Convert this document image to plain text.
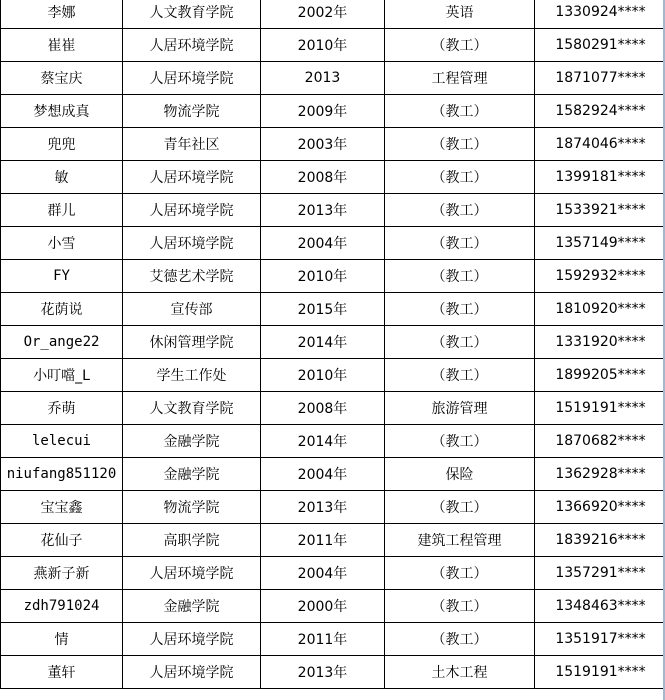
李娜	人文教育学院	2002年	英语	1330924****
崔崔	人居环境学院	2010年	（教工）	1580291****
蔡宝庆	人居环境学院	2013	工程管理	1871077****
梦想成真	物流学院	2009年	（教工）	1582924****
兜兜	青年社区	2003年	（教工）	1874046****
敏	人居环境学院	2008年	（教工）	1399181****
群儿	人居环境学院	2013年	（教工）	1533921****
小雪	人居环境学院	2004年	（教工）	1357149****
FY	艾德艺术学院	2010年	（教工）	1592932****
花荫说	宣传部	2015年	（教工）	1810920****
Or_ange22	休闲管理学院	2014年	（教工）	1331920****
小叮噹_L	学生工作处	2010年	（教工）	1899205****
乔萌	人文教育学院	2008年	旅游管理	1519191****
lelecui	金融学院	2014年	（教工）	1870682****
niufang851120	金融学院	2004年	保险	1362928****
宝宝鑫	物流学院	2013年	（教工）	1366920****
花仙子	高职学院	2011年	建筑工程管理	1839216****
燕新子新	人居环境学院	2004年	（教工）	1357291****
zdh791024	金融学院	2000年	（教工）	1348463****
情	人居环境学院	2011年	（教工）	1351917****
董轩	人居环境学院	2013年	土木工程	1519191****
